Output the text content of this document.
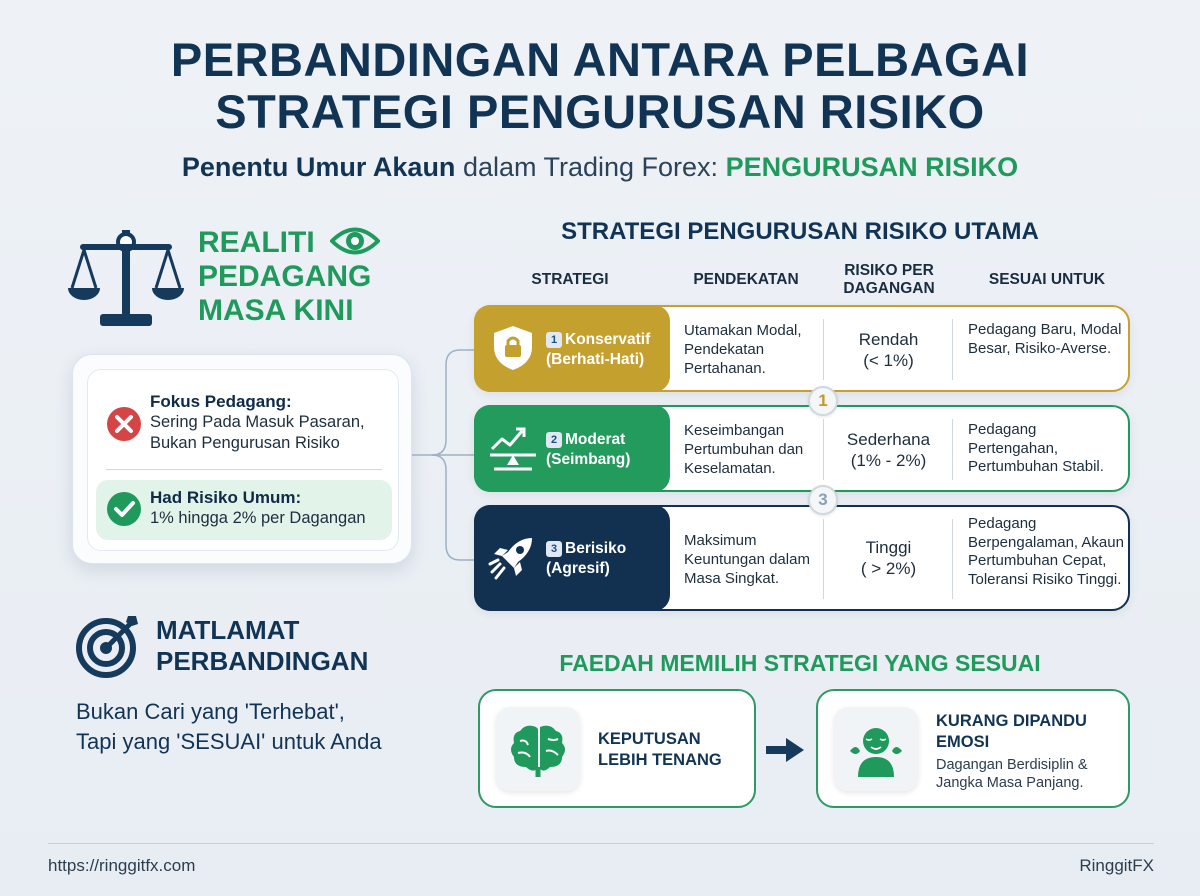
PERBANDINGAN ANTARA PELBAGAI
STRATEGI PENGURUSAN RISIKO
Penentu Umur Akaun dalam Trading Forex: PENGURUSAN RISIKO
REALITI
PEDAGANG
MASA KINI
Fokus Pedagang:
Sering Pada Masuk Pasaran, Bukan Pengurusan Risiko
Had Risiko Umum:
1% hingga 2% per Dagangan
MATLAMAT
PERBANDINGAN
Bukan Cari yang 'Terhebat',
Tapi yang 'SESUAI' untuk Anda
STRATEGI PENGURUSAN RISIKO UTAMA
STRATEGI	PENDEKATAN
RISIKO PER DAGANGAN
SESUAI UNTUK
1 Konservatif
(Berhati-Hati)
Utamakan Modal, Pendekatan Pertahanan.
Rendah
(< 1%)
Pedagang Baru, Modal Besar, Risiko-Averse.
2 Moderat
(Seimbang)
Keseimbangan Pertumbuhan dan Keselamatan.
Sederhana
(1% - 2%)
Pedagang Pertengahan, Pertumbuhan Stabil.
3 Berisiko
(Agresif)
Maksimum Keuntungan dalam Masa Singkat.
Tinggi
( > 2%)
Pedagang Berpengalaman, Akaun Pertumbuhan Cepat, Toleransi Risiko Tinggi.
1
3
FAEDAH MEMILIH STRATEGI YANG SESUAI
KEPUTUSAN LEBIH TENANG
KURANG DIPANDU EMOSI
Dagangan Berdisiplin & Jangka Masa Panjang.
https://ringgitfx.com	RinggitFX
